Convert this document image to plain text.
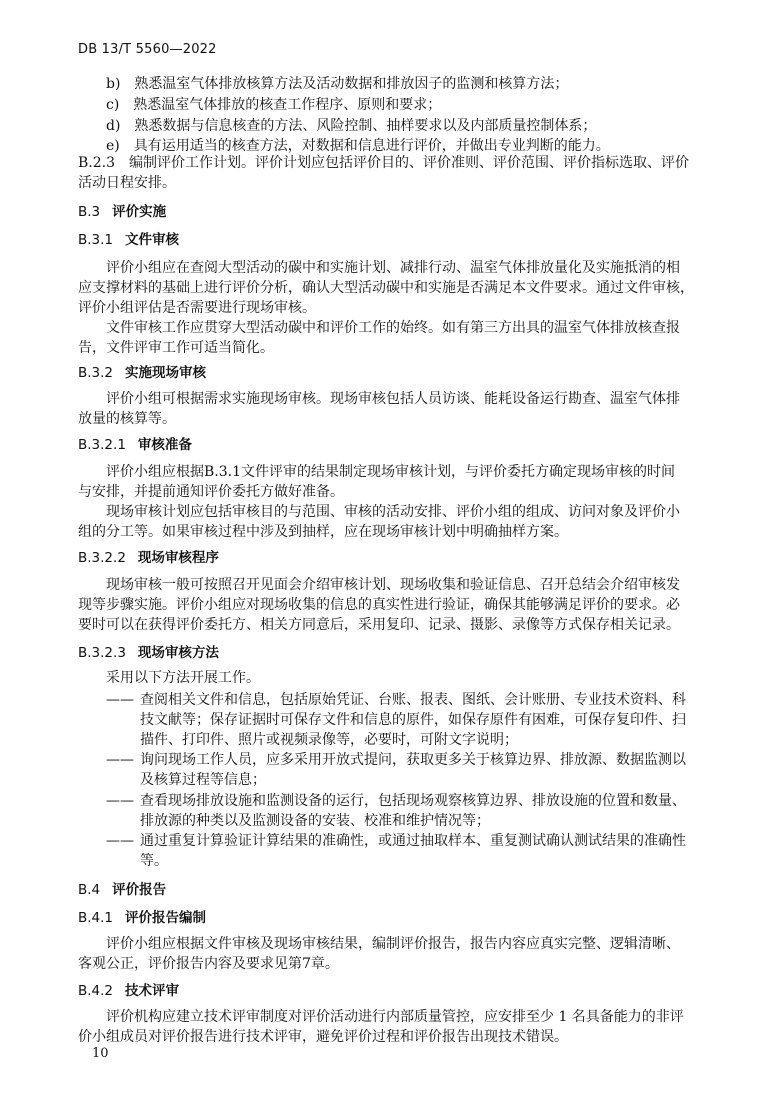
DB 13/T 5560—2022
b)　熟悉温室气体排放核算方法及活动数据和排放因子的监测和核算方法；
c)　熟悉温室气体排放的核查工作程序、原则和要求；
d)　熟悉数据与信息核查的方法、风险控制、抽样要求以及内部质量控制体系；
e)　具有运用适当的核查方法，对数据和信息进行评价，并做出专业判断的能力。
B.2.3　编制评价工作计划。评价计划应包括评价目的、评价准则、评价范围、评价指标选取、评价
活动日程安排。
B.3 评价实施
B.3.1 文件审核
评价小组应在查阅大型活动的碳中和实施计划、减排行动、温室气体排放量化及实施抵消的相
应支撑材料的基础上进行评价分析，确认大型活动碳中和实施是否满足本文件要求。通过文件审核，
评价小组评估是否需要进行现场审核。
文件审核工作应贯穿大型活动碳中和评价工作的始终。如有第三方出具的温室气体排放核查报
告，文件评审工作可适当简化。
B.3.2 实施现场审核
评价小组可根据需求实施现场审核。现场审核包括人员访谈、能耗设备运行勘查、温室气体排
放量的核算等。
B.3.2.1 审核准备
评价小组应根据B.3.1文件评审的结果制定现场审核计划，与评价委托方确定现场审核的时间
与安排，并提前通知评价委托方做好准备。
现场审核计划应包括审核目的与范围、审核的活动安排、评价小组的组成、访问对象及评价小
组的分工等。如果审核过程中涉及到抽样，应在现场审核计划中明确抽样方案。
B.3.2.2 现场审核程序
现场审核一般可按照召开见面会介绍审核计划、现场收集和验证信息、召开总结会介绍审核发
现等步骤实施。评价小组应对现场收集的信息的真实性进行验证，确保其能够满足评价的要求。必
要时可以在获得评价委托方、相关方同意后，采用复印、记录、摄影、录像等方式保存相关记录。
B.3.2.3 现场审核方法
采用以下方法开展工作。
—— 查阅相关文件和信息，包括原始凭证、台账、报表、图纸、会计账册、专业技术资料、科
技文献等；保存证据时可保存文件和信息的原件，如保存原件有困难，可保存复印件、扫
描件、打印件、照片或视频录像等，必要时，可附文字说明；
—— 询问现场工作人员，应多采用开放式提问，获取更多关于核算边界、排放源、数据监测以
及核算过程等信息；
—— 查看现场排放设施和监测设备的运行，包括现场观察核算边界、排放设施的位置和数量、
排放源的种类以及监测设备的安装、校准和维护情况等；
—— 通过重复计算验证计算结果的准确性，或通过抽取样本、重复测试确认测试结果的准确性
等。
B.4 评价报告
B.4.1 评价报告编制
评价小组应根据文件审核及现场审核结果，编制评价报告，报告内容应真实完整、逻辑清晰、
客观公正，评价报告内容及要求见第7章。
B.4.2 技术评审
评价机构应建立技术评审制度对评价活动进行内部质量管控，应安排至少 1 名具备能力的非评
价小组成员对评价报告进行技术评审，避免评价过程和评价报告出现技术错误。
10
